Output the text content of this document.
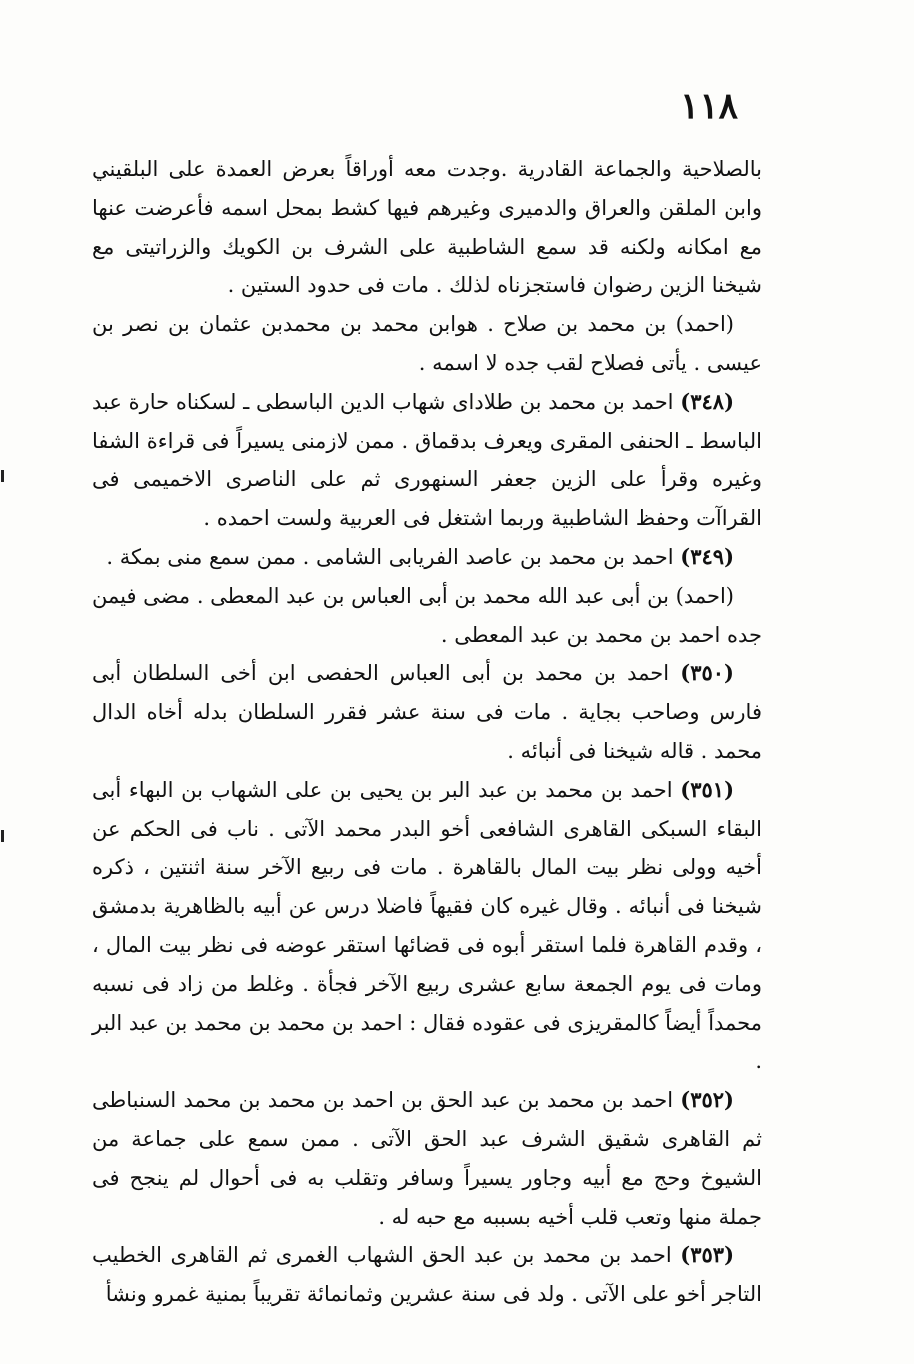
١١٨

بالصلاحية والجماعة القادرية .وجدت معه أوراقاً بعرض العمدة على البلقيني وابن الملقن والعراق والدميرى وغيرهم فيها كشط بمحل اسمه فأعرضت عنها مع امكانه ولكنه قد سمع الشاطبية على الشرف بن الكويك والزراتيتى مع شيخنا الزين رضوان فاستجزناه لذلك . مات فى حدود الستين .

(احمد) بن محمد بن صلاح . هوابن محمد بن محمدبن عثمان بن نصر بن عيسى . يأتى فصلاح لقب جده لا اسمه .

(٣٤٨) احمد بن محمد بن طلاداى شهاب الدين الباسطى ـ لسكناه حارة عبد الباسط ـ الحنفى المقرى ويعرف بدقماق . ممن لازمنى يسيراً فى قراءة الشفا وغيره وقرأ على الزين جعفر السنهورى ثم على الناصرى الاخميمى فى القراآت وحفظ الشاطبية وربما اشتغل فى العربية ولست احمده .

(٣٤٩) احمد بن محمد بن عاصد الفريابى الشامى . ممن سمع منى بمكة .

(احمد) بن أبى عبد الله محمد بن أبى العباس بن عبد المعطى . مضى فيمن جده احمد بن محمد بن عبد المعطى .

(٣٥٠) احمد بن محمد بن أبى العباس الحفصى ابن أخى السلطان أبى فارس وصاحب بجاية . مات فى سنة عشر فقرر السلطان بدله أخاه الدال محمد . قاله شيخنا فى أنبائه .

(٣٥١) احمد بن محمد بن عبد البر بن يحيى بن على الشهاب بن البهاء أبى البقاء السبكى القاهرى الشافعى أخو البدر محمد الآتى . ناب فى الحكم عن أخيه وولى نظر بيت المال بالقاهرة . مات فى ربيع الآخر سنة اثنتين ، ذكره شيخنا فى أنبائه . وقال غيره كان فقيهاً فاضلا درس عن أبيه بالظاهرية بدمشق ، وقدم القاهرة فلما استقر أبوه فى قضائها استقر عوضه فى نظر بيت المال ، ومات فى يوم الجمعة سابع عشرى ربيع الآخر فجأة . وغلط من زاد فى نسبه محمداً أيضاً كالمقريزى فى عقوده فقال : احمد بن محمد بن محمد بن عبد البر .

(٣٥٢) احمد بن محمد بن عبد الحق بن احمد بن محمد بن محمد السنباطى ثم القاهرى شقيق الشرف عبد الحق الآتى . ممن سمع على جماعة من الشيوخ وحج مع أبيه وجاور يسيراً وسافر وتقلب به فى أحوال لم ينجح فى جملة منها وتعب قلب أخيه بسببه مع حبه له .

(٣٥٣) احمد بن محمد بن عبد الحق الشهاب الغمرى ثم القاهرى الخطيب التاجر أخو على الآتى . ولد فى سنة عشرين وثمانمائة تقريباً بمنية غمرو ونشأ
